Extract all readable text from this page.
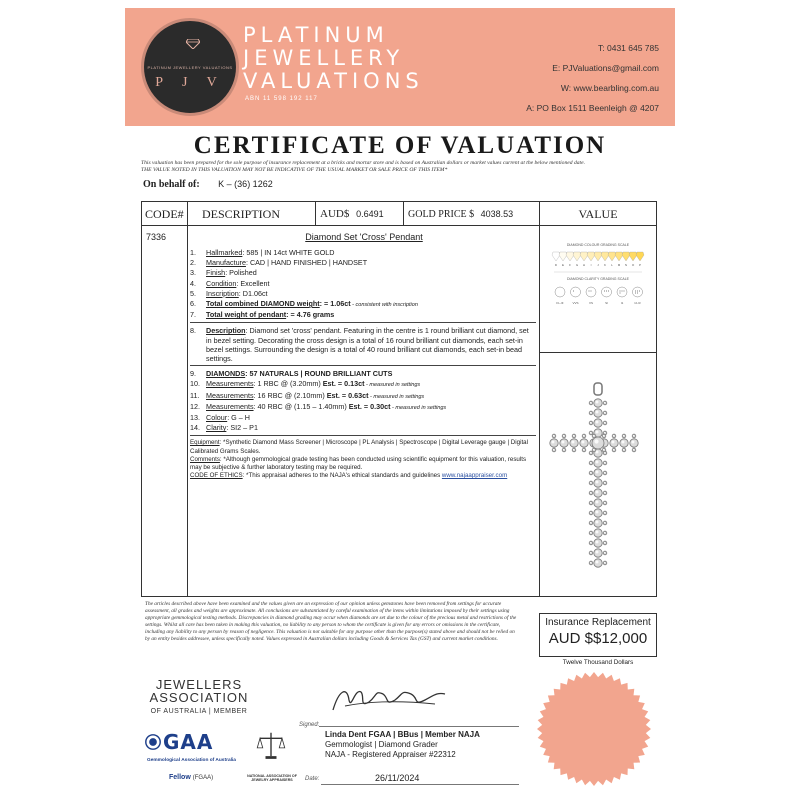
PLATINUM JEWELLERY VALUATIONS
P J V
PLATINUM
JEWELLERY
VALUATIONS
ABN 11 598 192 117
T: 0431 645 785
E: PJValuations@gmail.com
W: www.bearbling.com.au
A: PO Box 1511 Beenleigh @ 4207
CERTIFICATE OF VALUATION
This valuation has been prepared for the sole purpose of insurance replacement at a bricks and mortar store and is based on Australian dollars or market values current at the below mentioned date.
THE VALUE NOTED IN THIS VALUATION MAY NOT BE INDICATIVE OF THE USUAL MARKET OR SALE PRICE OF THIS ITEM*
On behalf of: K – (36) 1262
CODE#	DESCRIPTION	AUD$ 0.6491	GOLD PRICE $ 4038.53	VALUE
7336	Diamond Set 'Cross' Pendant
1.	Hallmarked: 585 | IN 14ct WHITE GOLD
2.	Manufacture: CAD | HAND FINISHED | HANDSET
3.	Finish: Polished
4.	Condition: Excellent
5.	Inscription: D1.06ct
6.	Total combined DIAMOND weight: = 1.06ct - consistent with inscription
7.	Total weight of pendant: = 4.76 grams
8.	Description: Diamond set 'cross' pendant. Featuring in the centre is 1 round brilliant cut diamond, set in bezel setting. Decorating the cross design is a total of 16 round brilliant cut diamonds, each set-in bezel settings. Surrounding the design is a total of 40 round brilliant cut diamonds, each set-in bead settings.
9.	DIAMONDS: 57 NATURALS | ROUND BRILLIANT CUTS
10. Measurements: 1 RBC @ (3.20mm) Est. = 0.13ct - measured in settings
11. Measurements: 16 RBC @ (2.10mm) Est. = 0.63ct - measured in settings
12. Measurements: 40 RBC @ (1.15 – 1.40mm) Est. = 0.30ct - measured in settings
13. Colour: G – H
14. Clarity: SI2 – P1
Equipment: *Synthetic Diamond Mass Screener | Microscope | PL Analysis | Spectroscope | Digital Leverage gauge | Digital Calibrated Grams Scales.
Comments: *Although gemmological grade testing has been conducted using scientific equipment for this valuation, results may be subjective & further laboratory testing may be required.
CODE OF ETHICS: *This appraisal adheres to the NAJA's ethical standards and guidelines www.najaappraiser.com
DIAMOND COLOUR GRADING SCALE
D E F G H I J K L M N O P
DIAMOND CLARITY GRADING SCALE
FL-IF	VVS	VS	SI	I1	I2-I3
The articles described above have been examined and the values given are an expression of our opinion unless gemstones have been removed from settings for accurate assessment, all grades and weights are approximate. All conclusions are substantiated by careful examination of the items within limitations imposed by their settings using appropriate gemmological testing methods. Discrepancies in diamond grading may occur when diamonds are set due to the colour of the precious metal and restrictions of the settings. Whilst all care has been taken in making this valuation, no liability to any person to whom the certificate is given for any errors or omissions in the certificate, including any liability to any person by reason of negligence. This valuation is not suitable for any purpose other than the purpose(s) stated above and should not be relied on by an entity besides addressee, unless specifically noted. Values expressed in Australian dollars including Goods & Services Tax (GST) and current market conditions.
Insurance Replacement
AUD $$12,000
Twelve Thousand Dollars
JEWELLERS
ASSOCIATION
OF AUSTRALIA | MEMBER
Signed:
Linda Dent FGAA | BBus | Member NAJA
Gemmologist | Diamond Grader
NAJA - Registered Appraiser #22312
Date:	26/11/2024
GAA
Gemmological Association of Australia
Fellow (FGAA)	NATIONAL ASSOCIATION OF JEWELRY APPRAISERS
